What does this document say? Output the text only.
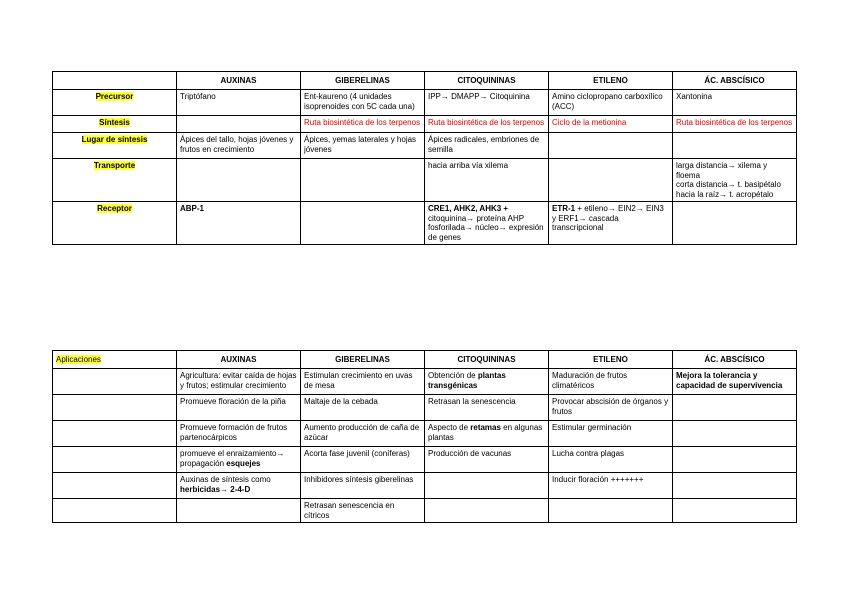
	AUXINAS	GIBERELINAS	CITOQUININAS	ETILENO	ÁC. ABSCÍSICO
Precursor	Triptófano	Ent-kaureno (4 unidades isoprenoides con 5C cada una)	IPP→ DMAPP→ Citoquinina	Amino ciclopropano carboxílico (ACC)	Xantonina
Síntesis		Ruta biosintética de los terpenos	Ruta biosintética de los terpenos	Ciclo de la metionina	Ruta biosintética de los terpenos
Lugar de síntesis	Ápices del tallo, hojas jóvenes y frutos en crecimiento	Ápices, yemas laterales y hojas jóvenes	Ápices radicales, embriones de semilla		
Transporte			hacia arriba vía xilema		larga distancia→ xilema y floema
corta distancia→ t. basipétalo
hacia la raíz→ t. acropétalo

Receptor	ABP-1		CRE1, AHK2, AHK3 + citoquinina→ proteína AHP fosforilada→ núcleo→ expresión de genes	ETR-1 + etileno→ EIN2→ EIN3 y ERF1→ cascada transcripcional	
Aplicaciones	AUXINAS	GIBERELINAS	CITOQUININAS	ETILENO	ÁC. ABSCÍSICO
	Agricultura: evitar caída de hojas y frutos; estimular crecimiento	Estimulan crecimiento en uvas de mesa	Obtención de plantas transgénicas	Maduración de frutos climatéricos	Mejora la tolerancia y capacidad de supervivencia
	Promueve floración de la piña	Maltaje de la cebada	Retrasan la senescencia	Provocar abscisión de órganos y frutos	
	Promueve formación de frutos partenocárpicos	Aumento producción de caña de azúcar	Aspecto de retamas en algunas plantas	Estimular germinación	
	promueve el enraizamiento→ propagación esquejes	Acorta fase juvenil (coníferas)	Producción de vacunas	Lucha contra plagas	
	Auxinas de síntesis como herbicidas→ 2-4-D	Inhibidores síntesis giberelinas		Inducir floración +++++++	
		Retrasan senescencia en cítricos			
